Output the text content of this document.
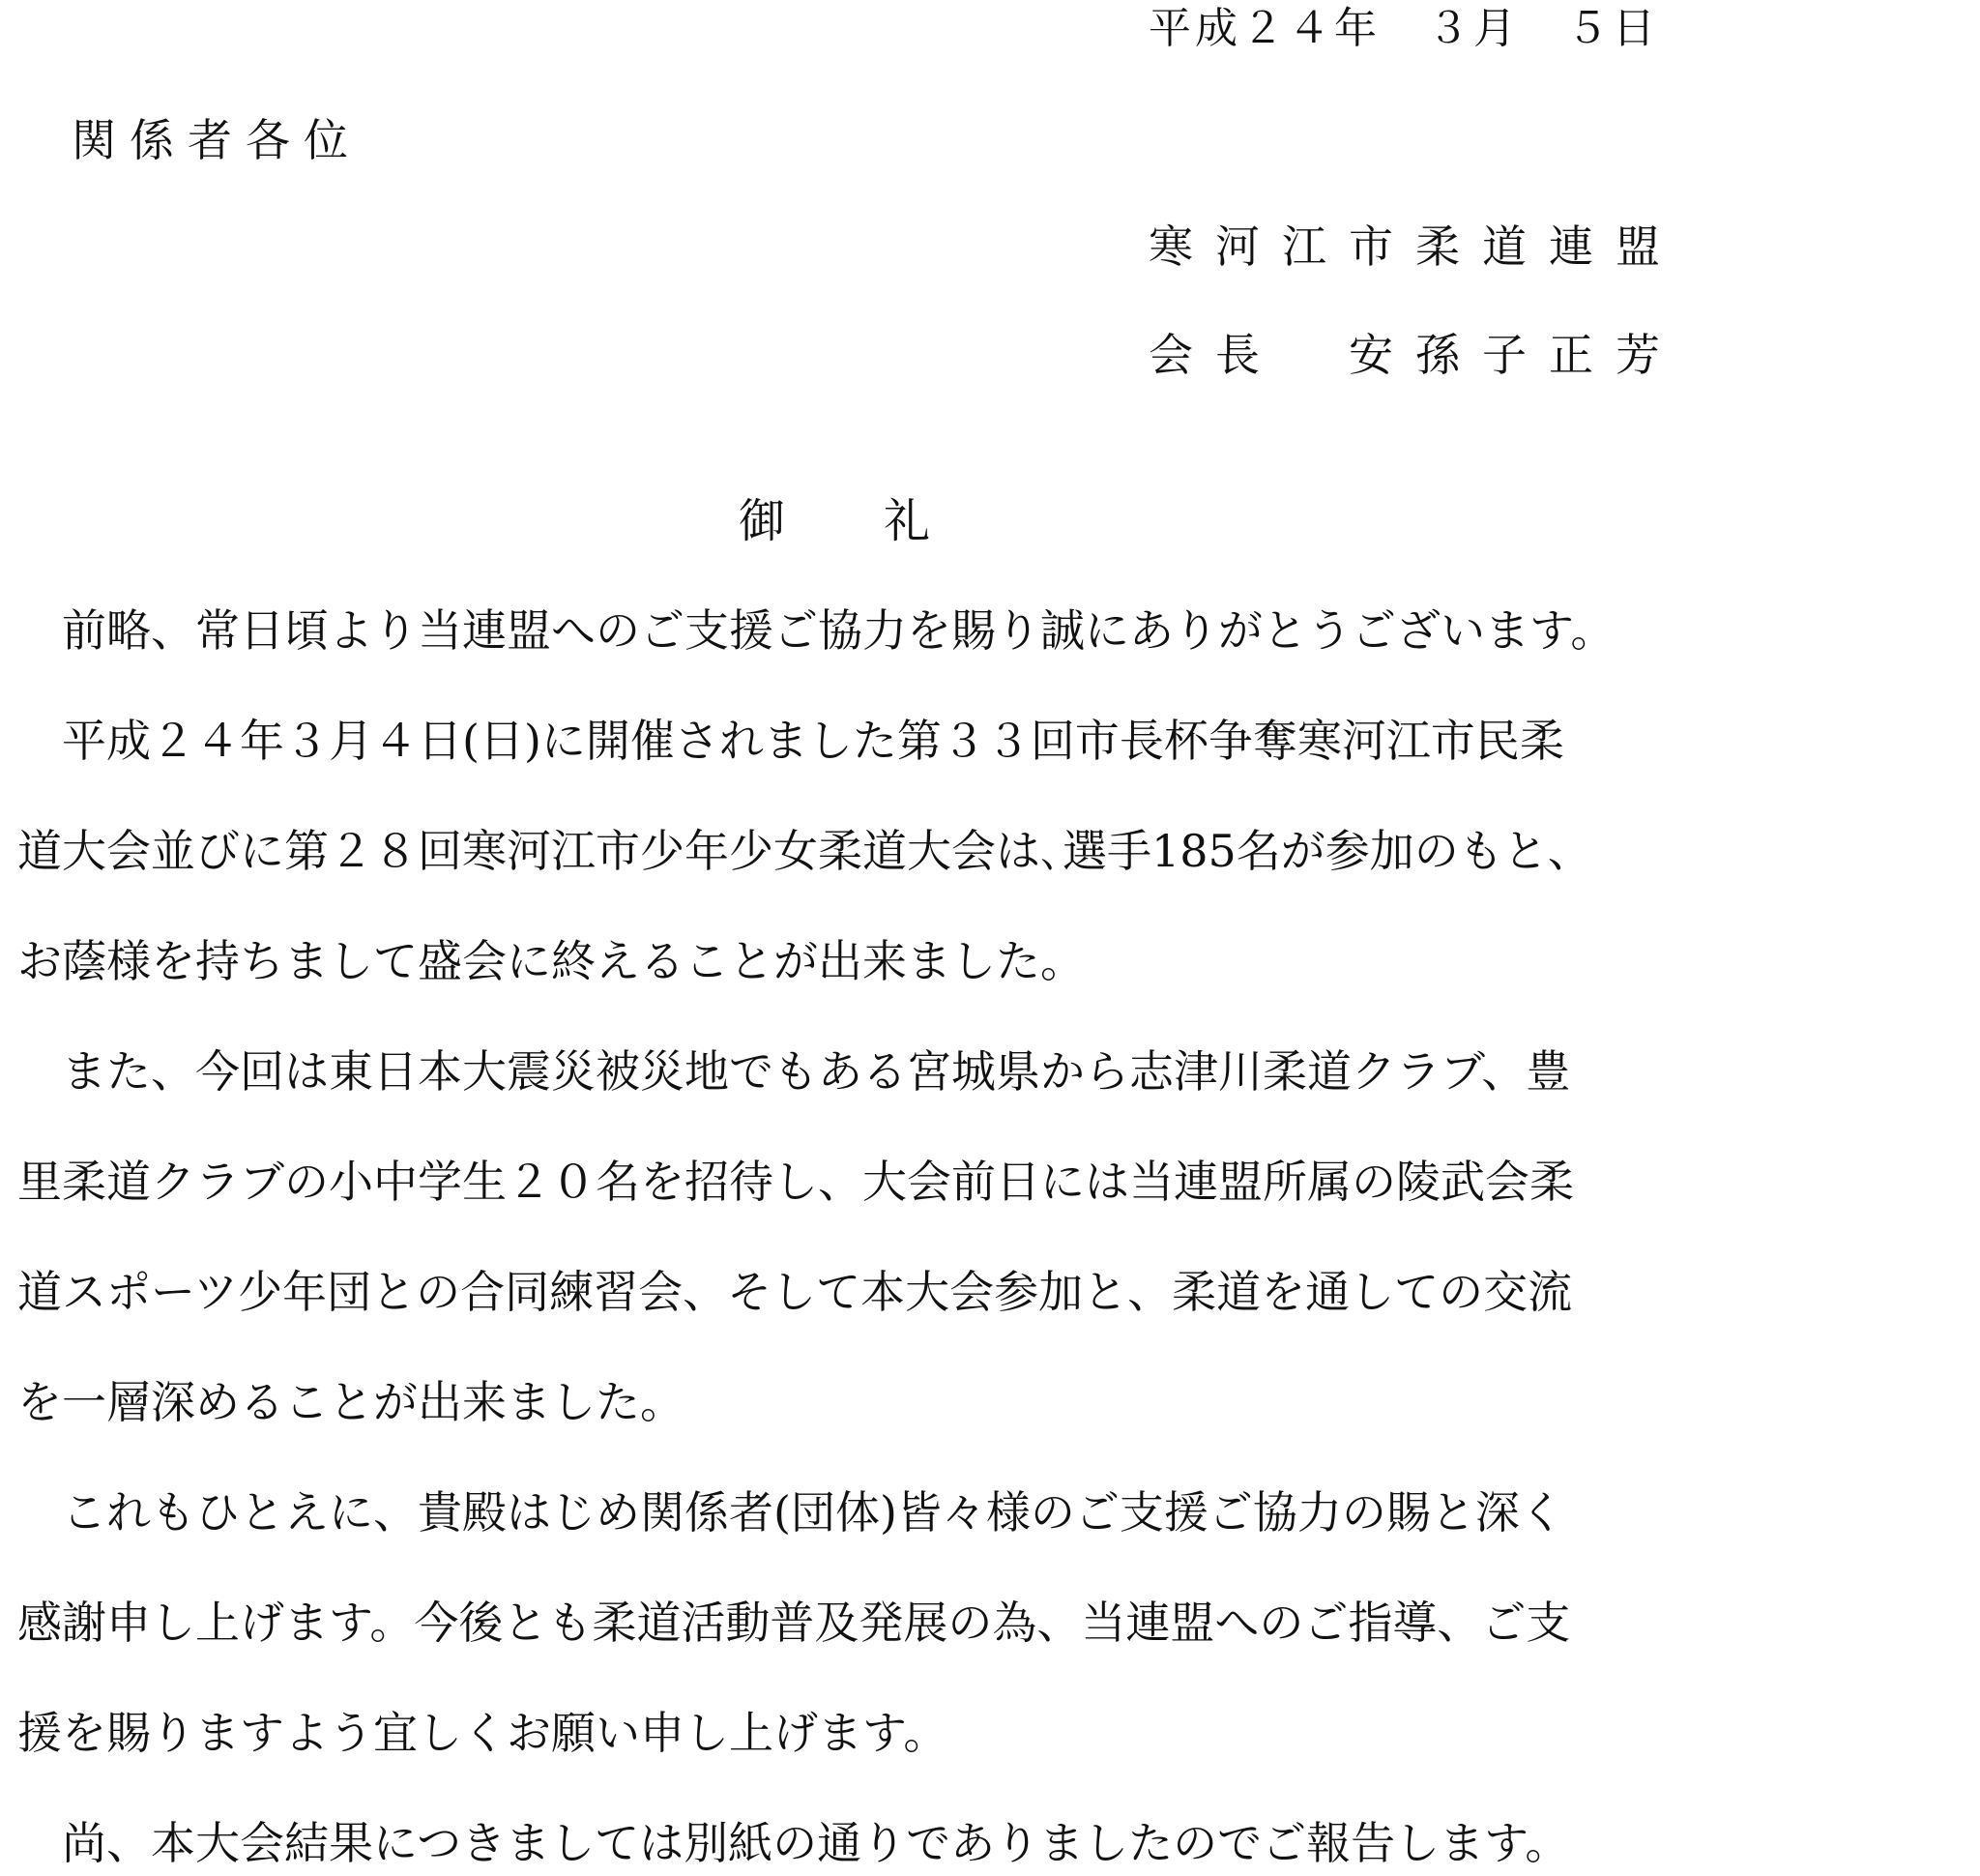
平成２４年　３月　５日
関係者各位
寒河江市柔道連盟
会長　安孫子正芳
御　　礼
　前略、常日頃より当連盟へのご支援ご協力を賜り誠にありがとうございます。
　平成２４年３月４日(日)に開催されました第３３回市長杯争奪寒河江市民柔
道大会並びに第２８回寒河江市少年少女柔道大会は､選手185名が参加のもと、
お蔭様を持ちまして盛会に終えることが出来ました。
　また、今回は東日本大震災被災地でもある宮城県から志津川柔道クラブ、豊
里柔道クラブの小中学生２０名を招待し、大会前日には当連盟所属の陵武会柔
道スポーツ少年団との合同練習会、そして本大会参加と、柔道を通しての交流
を一層深めることが出来ました。
　これもひとえに、貴殿はじめ関係者(団体)皆々様のご支援ご協力の賜と深く
感謝申し上げます。今後とも柔道活動普及発展の為、当連盟へのご指導、ご支
援を賜りますよう宜しくお願い申し上げます。
　尚、本大会結果につきましては別紙の通りでありましたのでご報告します。
